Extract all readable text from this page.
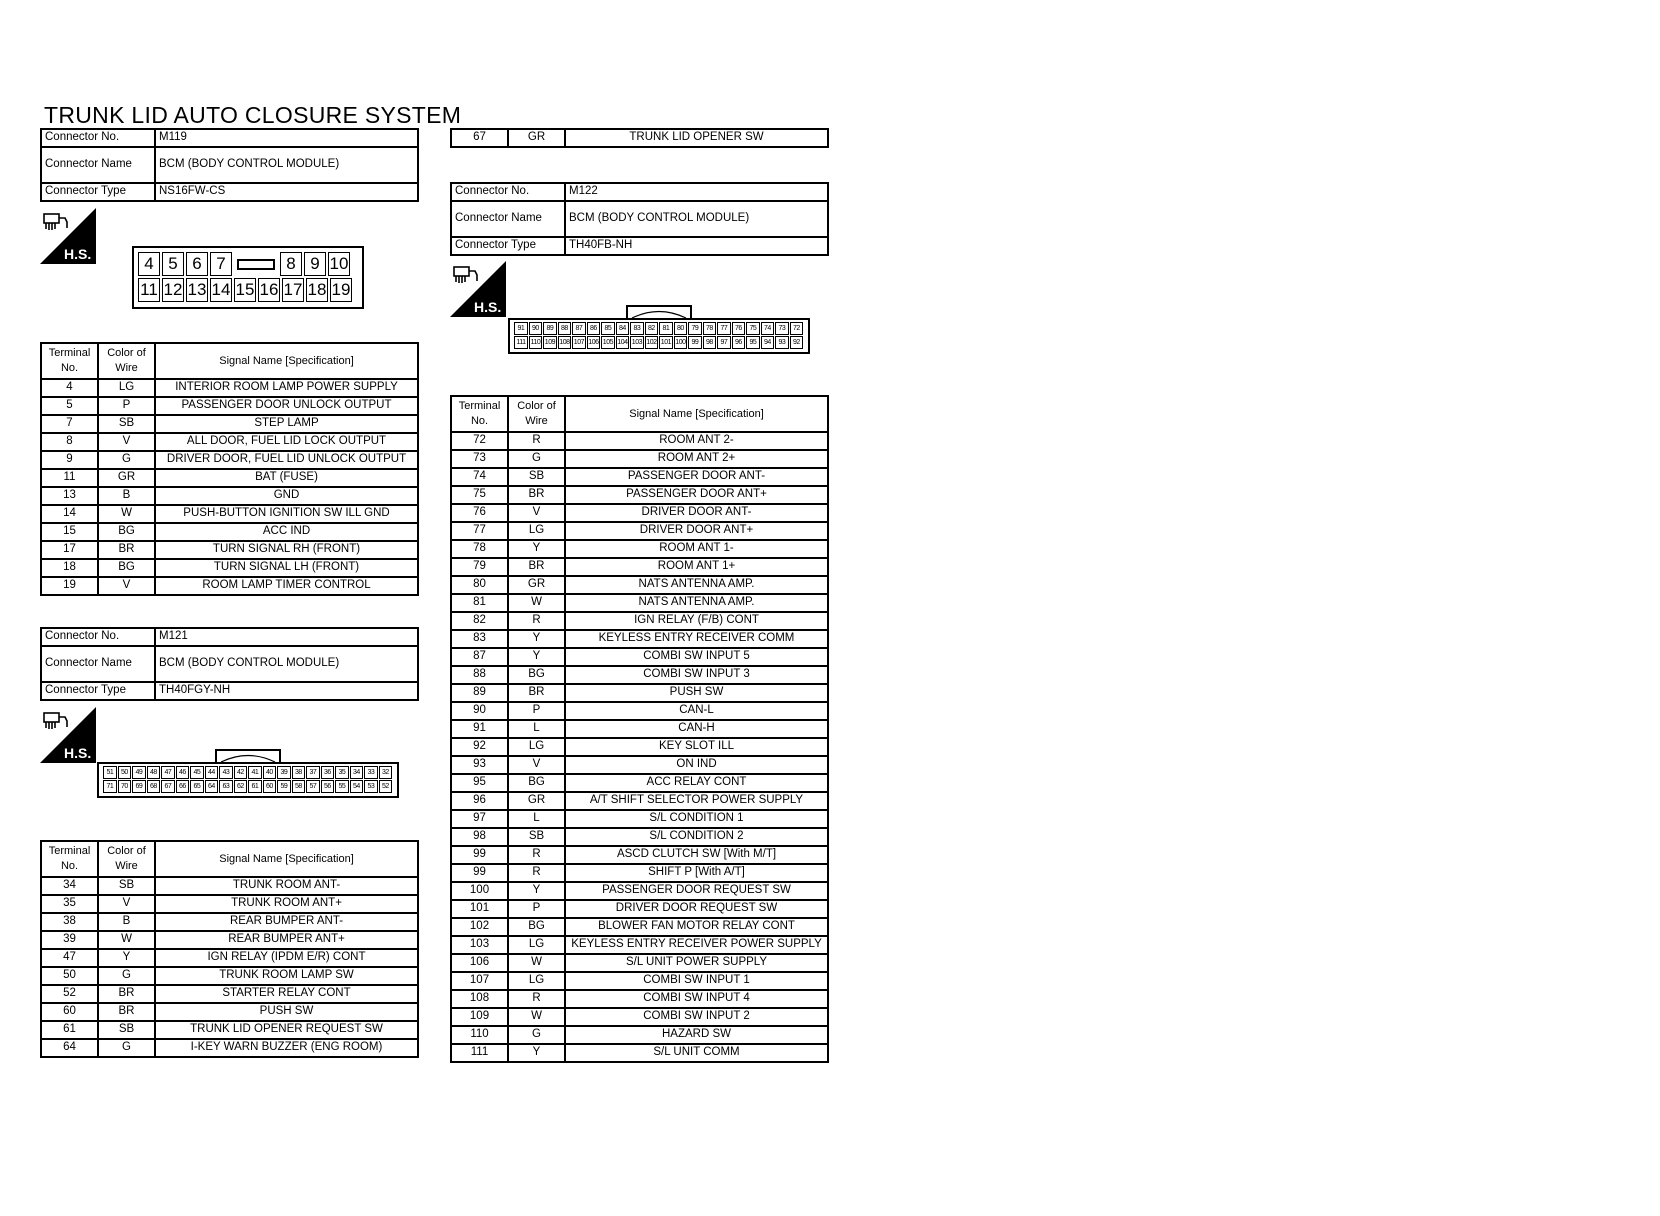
TRUNK LID AUTO CLOSURE SYSTEM
Connector No.	M119
Connector Name	BCM (BODY CONTROL MODULE)
Connector Type	NS16FW-CS
H.S.	4 5 6 7	8 9 10
11 12 13 14 15 16 17 18 19
Terminal No.	Color of Wire	Signal Name [Specification]
4	LG	INTERIOR ROOM LAMP POWER SUPPLY
5	P	PASSENGER DOOR UNLOCK OUTPUT
7	SB	STEP LAMP
8	V	ALL DOOR, FUEL LID LOCK OUTPUT
9	G	DRIVER DOOR, FUEL LID UNLOCK OUTPUT
11	GR	BAT (FUSE)
13	B	GND
14	W	PUSH-BUTTON IGNITION SW ILL GND
15	BG	ACC IND
17	BR	TURN SIGNAL RH (FRONT)
18	BG	TURN SIGNAL LH (FRONT)
19	V	ROOM LAMP TIMER CONTROL
Connector No.	M121
Connector Name	BCM (BODY CONTROL MODULE)
Connector Type	TH40FGY-NH
H.S.
51	50	49	48	47	46	45	44	43	42	41	40	39	38	37	36	35	34	33	32
71	70	69	68	67	66	65	64	63	62	61	60	59	58	57	56	55	54	53	52
Terminal No.	Color of Wire	Signal Name [Specification]
34	SB	TRUNK ROOM ANT-
35	V	TRUNK ROOM ANT+
38	B	REAR BUMPER ANT-
39	W	REAR BUMPER ANT+
47	Y	IGN RELAY (IPDM E/R) CONT
50	G	TRUNK ROOM LAMP SW
52	BR	STARTER RELAY CONT
60	BR	PUSH SW
61	SB	TRUNK LID OPENER REQUEST SW
64	G	I-KEY WARN BUZZER (ENG ROOM)
67	GR	TRUNK LID OPENER SW
Connector No.	M122
Connector Name	BCM (BODY CONTROL MODULE)
Connector Type	TH40FB-NH
H.S.
91	90	89	88	87	86	85	84	83	82	81	80	79	78	77	76	75	74	73	72
111 110 109 108 107 106 105 104 103 102 101 100 99	98	97	96	95	94	93	92
Terminal No.	Color of Wire	Signal Name [Specification]
72	R	ROOM ANT 2-
73	G	ROOM ANT 2+
74	SB	PASSENGER DOOR ANT-
75	BR	PASSENGER DOOR ANT+
76	V	DRIVER DOOR ANT-
77	LG	DRIVER DOOR ANT+
78	Y	ROOM ANT 1-
79	BR	ROOM ANT 1+
80	GR	NATS ANTENNA AMP.
81	W	NATS ANTENNA AMP.
82	R	IGN RELAY (F/B) CONT
83	Y	KEYLESS ENTRY RECEIVER COMM
87	Y	COMBI SW INPUT 5
88	BG	COMBI SW INPUT 3
89	BR	PUSH SW
90	P	CAN-L
91	L	CAN-H
92	LG	KEY SLOT ILL
93	V	ON IND
95	BG	ACC RELAY CONT
96	GR	A/T SHIFT SELECTOR POWER SUPPLY
97	L	S/L CONDITION 1
98	SB	S/L CONDITION 2
99	R	ASCD CLUTCH SW [With M/T]
99	R	SHIFT P [With A/T]
100	Y	PASSENGER DOOR REQUEST SW
101	P	DRIVER DOOR REQUEST SW
102	BG	BLOWER FAN MOTOR RELAY CONT
103	LG	KEYLESS ENTRY RECEIVER POWER SUPPLY
106	W	S/L UNIT POWER SUPPLY
107	LG	COMBI SW INPUT 1
108	R	COMBI SW INPUT 4
109	W	COMBI SW INPUT 2
110	G	HAZARD SW
111	Y	S/L UNIT COMM
